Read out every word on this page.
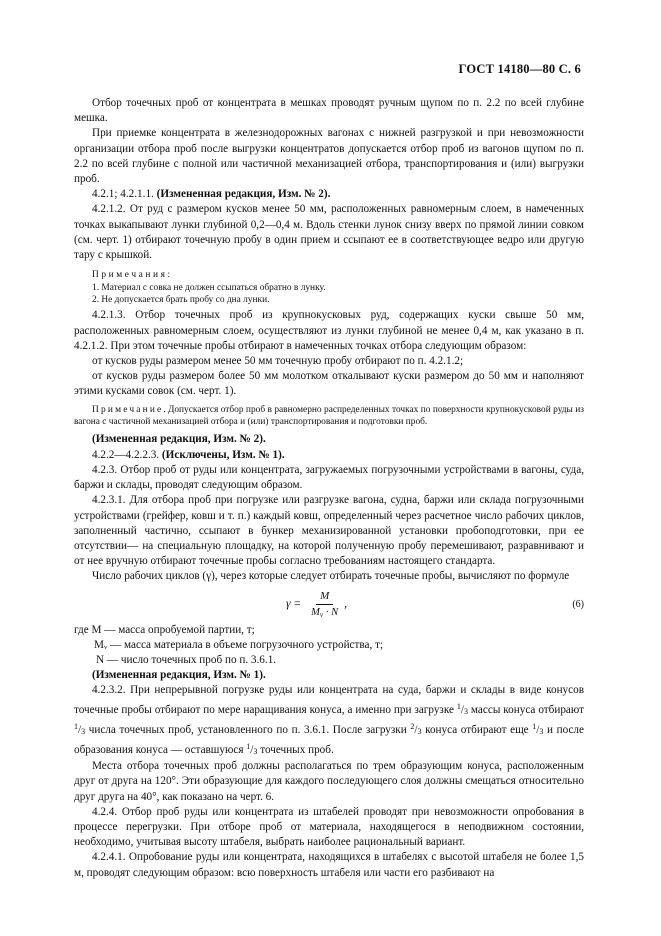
ГОСТ 14180—80 С. 6

Отбор точечных проб от концентрата в мешках проводят ручным щупом по п. 2.2 по всей глубине мешка.

При приемке концентрата в железнодорожных вагонах с нижней разгрузкой и при невозможности организации отбора проб после выгрузки концентратов допускается отбор проб из вагонов щупом по п. 2.2 по всей глубине с полной или частичной механизацией отбора, транспортирования и (или) выгрузки проб.

4.2.1; 4.2.1.1. (Измененная редакция, Изм. № 2).

4.2.1.2. От руд с размером кусков менее 50 мм, расположенных равномерным слоем, в намеченных точках выкапывают лунки глубиной 0,2—0,4 м. Вдоль стенки лунок снизу вверх по прямой линии совком (см. черт. 1) отбирают точечную пробу в один прием и ссыпают ее в соответствующее ведро или другую тару с крышкой.

Примечания:

1. Материал с совка не должен ссыпаться обратно в лунку.

2. Не допускается брать пробу со дна лунки.

4.2.1.3. Отбор точечных проб из крупнокусковых руд, содержащих куски свыше 50 мм, расположенных равномерным слоем, осуществляют из лунки глубиной не менее 0,4 м, как указано в п. 4.2.1.2. При этом точечные пробы отбирают в намеченных точках отбора следующим образом:

от кусков руды размером менее 50 мм точечную пробу отбирают по п. 4.2.1.2;

от кусков руды размером более 50 мм молотком откалывают куски размером до 50 мм и наполняют этими кусками совок (см. черт. 1).

Примечание.Допускается отбор проб в равномерно распределенных точках по поверхности крупнокусковой руды из вагона с частичной механизацией отбора и (или) транспортирования и подготовки проб.

(Измененная редакция, Изм. № 2).

4.2.2—4.2.2.3. (Исключены, Изм. № 1).

4.2.3. Отбор проб от руды или концентрата, загружаемых погрузочными устройствами в вагоны, суда, баржи и склады, проводят следующим образом.

4.2.3.1. Для отбора проб при погрузке или разгрузке вагона, судна, баржи или склада погрузочными устройствами (грейфер, ковш и т. п.) каждый ковш, определенный через расчетное число рабочих циклов, заполненный частично, ссыпают в бункер механизированной установки пробоподготовки, при ее отсутствии— на специальную площадку, на которой полученную пробу перемешивают, разравнивают и от нее вручную отбирают точечные пробы согласно требованиям настоящего стандарта.

Число рабочих циклов (γ), через которые следует отбирать точечные пробы, вычисляют по формуле

$\gamma = \frac{M}{M_v \cdot N}$ ,	(6)

где M — масса опробуемой партии, т;

Mᵥ — масса материала в объеме погрузочного устройства, т;

N — число точечных проб по п. 3.6.1.

(Измененная редакция, Изм. № 1).

4.2.3.2. При непрерывной погрузке руды или концентрата на суда, баржи и склады в виде конусов точечные пробы отбирают по мере наращивания конуса, а именно при загрузке $^1$/3 массы конуса отбирают $^1$/3 числа точечных проб, установленного по п. 3.6.1. После загрузки $^2$/3 конуса отбирают еще $^1$/3 и после образования конуса — оставшуюся $^1$/3 точечных проб.

Места отбора точечных проб должны располагаться по трем образующим конуса, расположенным друг от друга на 120°. Эти образующие для каждого последующего слоя должны смещаться относительно друг друга на 40°, как показано на черт. 6.

4.2.4. Отбор проб руды или концентрата из штабелей проводят при невозможности опробования в процессе перегрузки. При отборе проб от материала, находящегося в неподвижном состоянии, необходимо, учитывая высоту штабеля, выбрать наиболее рациональный вариант.

4.2.4.1. Опробование руды или концентрата, находящихся в штабелях с высотой штабеля не более 1,5 м, проводят следующим образом: всю поверхность штабеля или части его разбивают на
